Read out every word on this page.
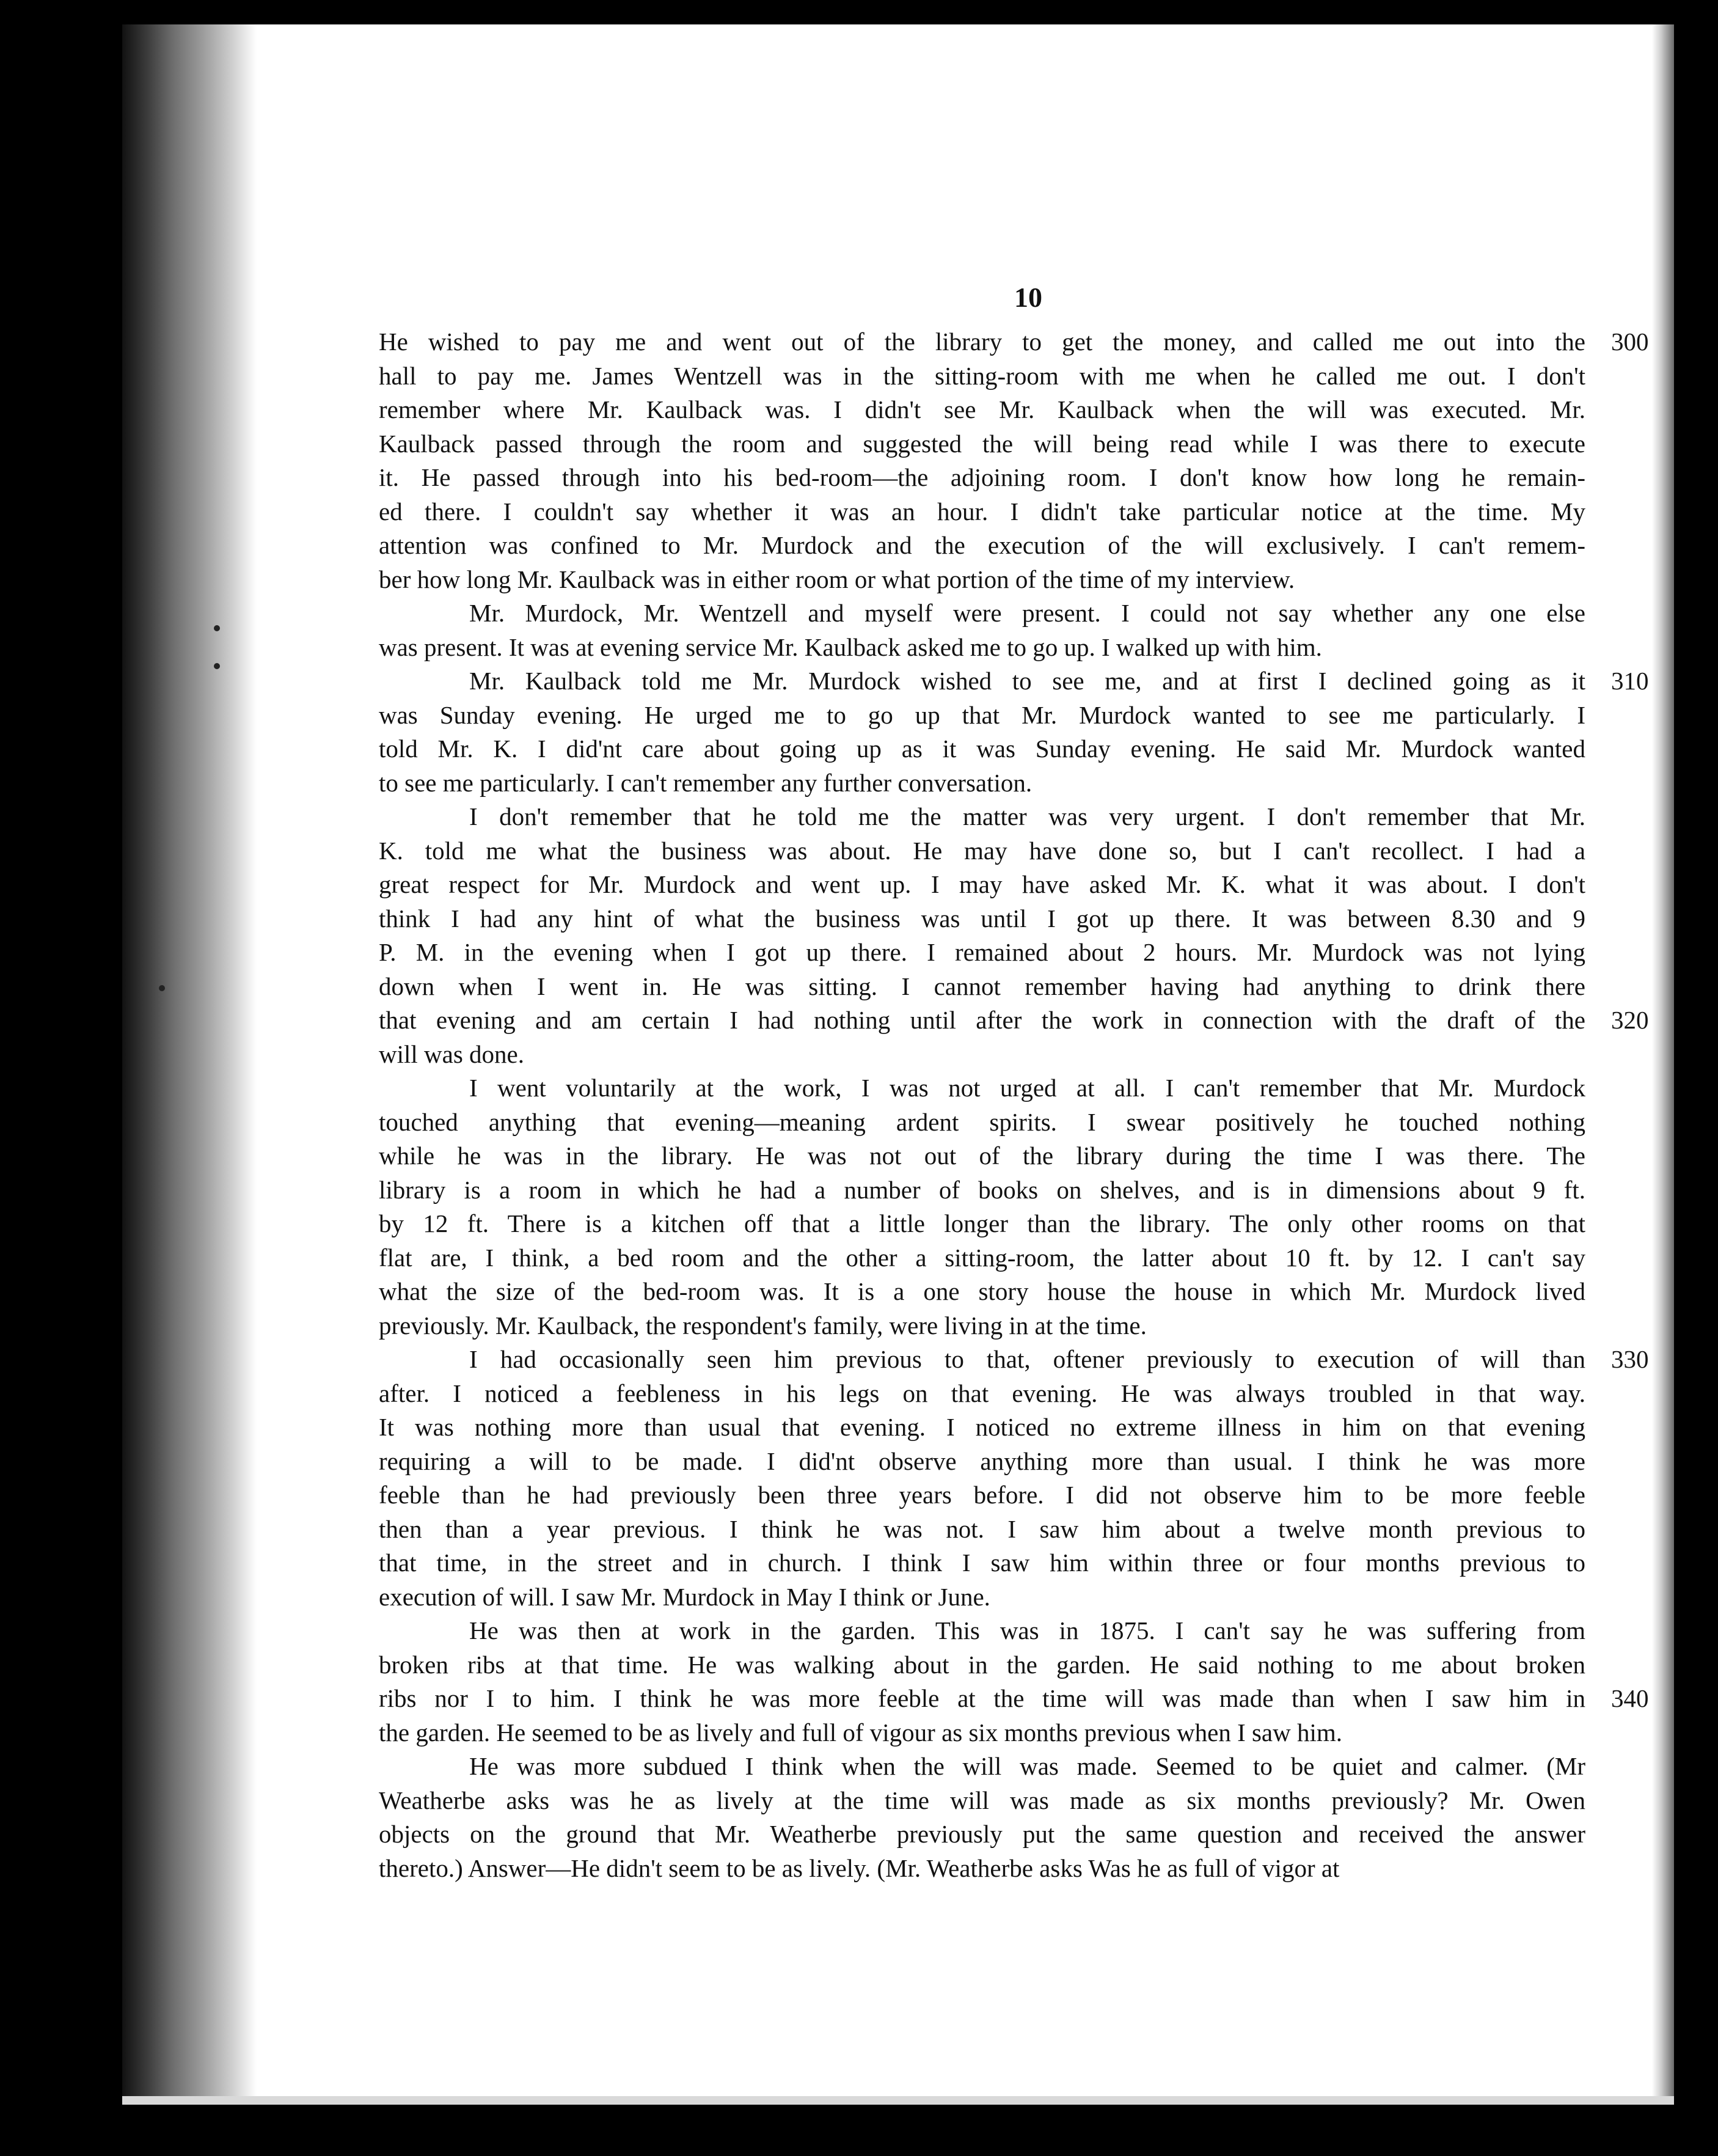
10
He wished to pay me and went out of the library to get the money, and called me out into the 300
hall to pay me. James Wentzell was in the sitting-room with me when he called me out. I don't
remember where Mr. Kaulback was. I didn't see Mr. Kaulback when the will was executed. Mr.
Kaulback passed through the room and suggested the will being read while I was there to execute
it. He passed through into his bed-room—the adjoining room. I don't know how long he remain-
ed there. I couldn't say whether it was an hour. I didn't take particular notice at the time. My
attention was confined to Mr. Murdock and the execution of the will exclusively. I can't remem-
ber how long Mr. Kaulback was in either room or what portion of the time of my interview.
Mr. Murdock, Mr. Wentzell and myself were present. I could not say whether any one else
was present. It was at evening service Mr. Kaulback asked me to go up. I walked up with him.
Mr. Kaulback told me Mr. Murdock wished to see me, and at first I declined going as it 310
was Sunday evening. He urged me to go up that Mr. Murdock wanted to see me particularly. I
told Mr. K. I did'nt care about going up as it was Sunday evening. He said Mr. Murdock wanted
to see me particularly. I can't remember any further conversation.
I don't remember that he told me the matter was very urgent. I don't remember that Mr.
K. told me what the business was about. He may have done so, but I can't recollect. I had a
great respect for Mr. Murdock and went up. I may have asked Mr. K. what it was about. I don't
think I had any hint of what the business was until I got up there. It was between 8.30 and 9
P. M. in the evening when I got up there. I remained about 2 hours. Mr. Murdock was not lying
down when I went in. He was sitting. I cannot remember having had anything to drink there
that evening and am certain I had nothing until after the work in connection with the draft of the 320
will was done.
I went voluntarily at the work, I was not urged at all. I can't remember that Mr. Murdock
touched anything that evening—meaning ardent spirits. I swear positively he touched nothing
while he was in the library. He was not out of the library during the time I was there. The
library is a room in which he had a number of books on shelves, and is in dimensions about 9 ft.
by 12 ft. There is a kitchen off that a little longer than the library. The only other rooms on that
flat are, I think, a bed room and the other a sitting-room, the latter about 10 ft. by 12. I can't say
what the size of the bed-room was. It is a one story house the house in which Mr. Murdock lived
previously. Mr. Kaulback, the respondent's family, were living in at the time.
I had occasionally seen him previous to that, oftener previously to execution of will than 330
after. I noticed a feebleness in his legs on that evening. He was always troubled in that way.
It was nothing more than usual that evening. I noticed no extreme illness in him on that evening
requiring a will to be made. I did'nt observe anything more than usual. I think he was more
feeble than he had previously been three years before. I did not observe him to be more feeble
then than a year previous. I think he was not. I saw him about a twelve month previous to
that time, in the street and in church. I think I saw him within three or four months previous to
execution of will. I saw Mr. Murdock in May I think or June.
He was then at work in the garden. This was in 1875. I can't say he was suffering from
broken ribs at that time. He was walking about in the garden. He said nothing to me about broken
ribs nor I to him. I think he was more feeble at the time will was made than when I saw him in 340
the garden. He seemed to be as lively and full of vigour as six months previous when I saw him.
He was more subdued I think when the will was made. Seemed to be quiet and calmer. (Mr
Weatherbe asks was he as lively at the time will was made as six months previously? Mr. Owen
objects on the ground that Mr. Weatherbe previously put the same question and received the answer
thereto.) Answer—He didn't seem to be as lively. (Mr. Weatherbe asks Was he as full of vigor at
